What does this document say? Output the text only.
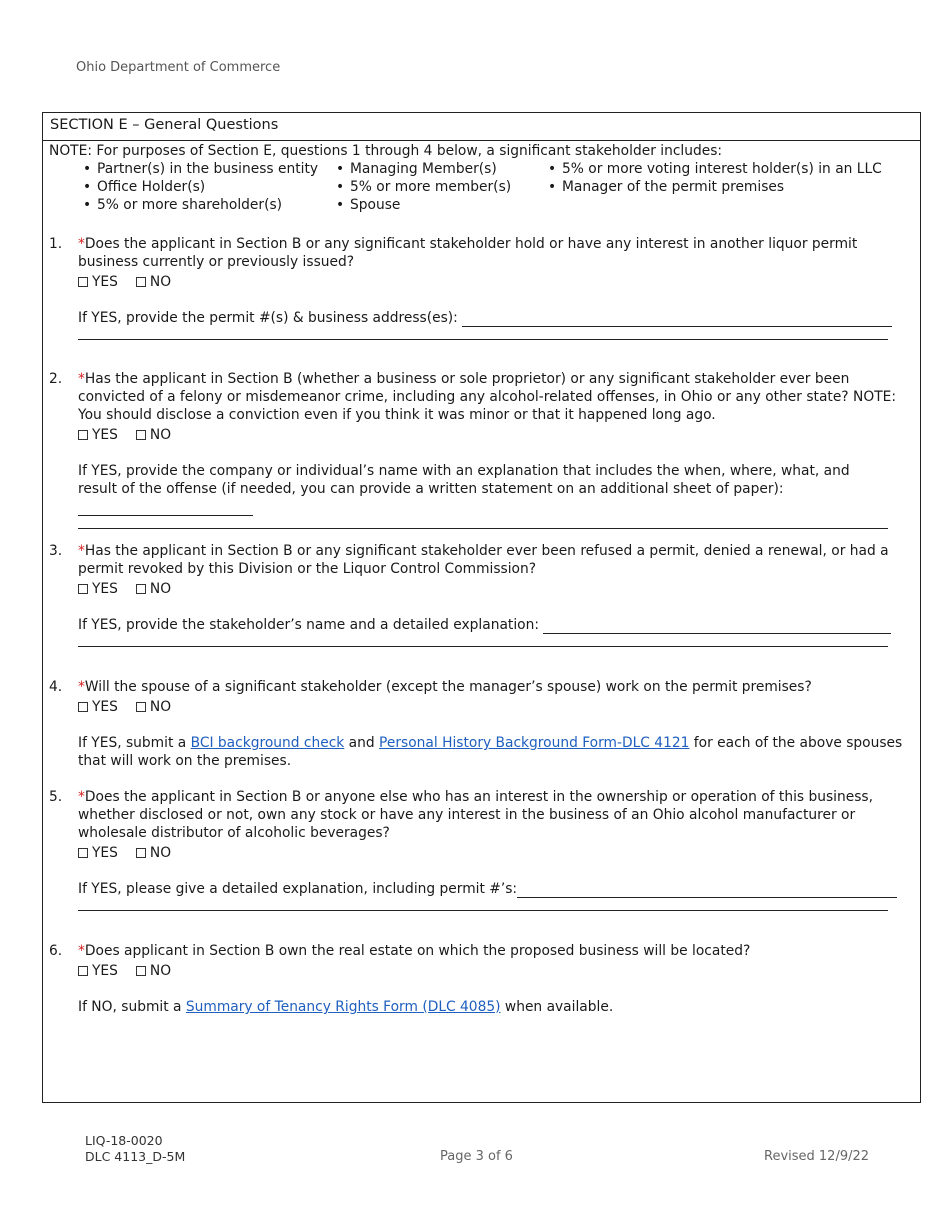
Ohio Department of Commerce
SECTION E – General Questions
NOTE: For purposes of Section E, questions 1 through 4 below, a significant stakeholder includes:
• Partner(s) in the business entity	• Managing Member(s)	• 5% or more voting interest holder(s) in an LLC
• Office Holder(s)	• 5% or more member(s)	• Manager of the permit premises
• 5% or more shareholder(s)	• Spouse
1.	*Does the applicant in Section B or any significant stakeholder hold or have any interest in another liquor permit business currently or previously issued?
YES NO
If YES, provide the permit #(s) & business address(es):
2.	*Has the applicant in Section B (whether a business or sole proprietor) or any significant stakeholder ever been convicted of a felony or misdemeanor crime, including any alcohol-related offenses, in Ohio or any other state? NOTE: You should disclose a conviction even if you think it was minor or that it happened long ago.
YES NO
If YES, provide the company or individual’s name with an explanation that includes the when, where, what, and result of the offense (if needed, you can provide a written statement on an additional sheet of paper):
3.	*Has the applicant in Section B or any significant stakeholder ever been refused a permit, denied a renewal, or had a permit revoked by this Division or the Liquor Control Commission?
YES NO
If YES, provide the stakeholder’s name and a detailed explanation:
4.	*Will the spouse of a significant stakeholder (except the manager’s spouse) work on the permit premises?
YES NO
If YES, submit a BCI background check and Personal History Background Form-DLC 4121 for each of the above spouses that will work on the premises.
5.	*Does the applicant in Section B or anyone else who has an interest in the ownership or operation of this business, whether disclosed or not, own any stock or have any interest in the business of an Ohio alcohol manufacturer or wholesale distributor of alcoholic beverages?
YES NO
If YES, please give a detailed explanation, including permit #’s:
6.	*Does applicant in Section B own the real estate on which the proposed business will be located?
YES NO
If NO, submit a Summary of Tenancy Rights Form (DLC 4085) when available.
LIQ-18-0020
DLC 4113_D-5M	Page 3 of 6	Revised 12/9/22
